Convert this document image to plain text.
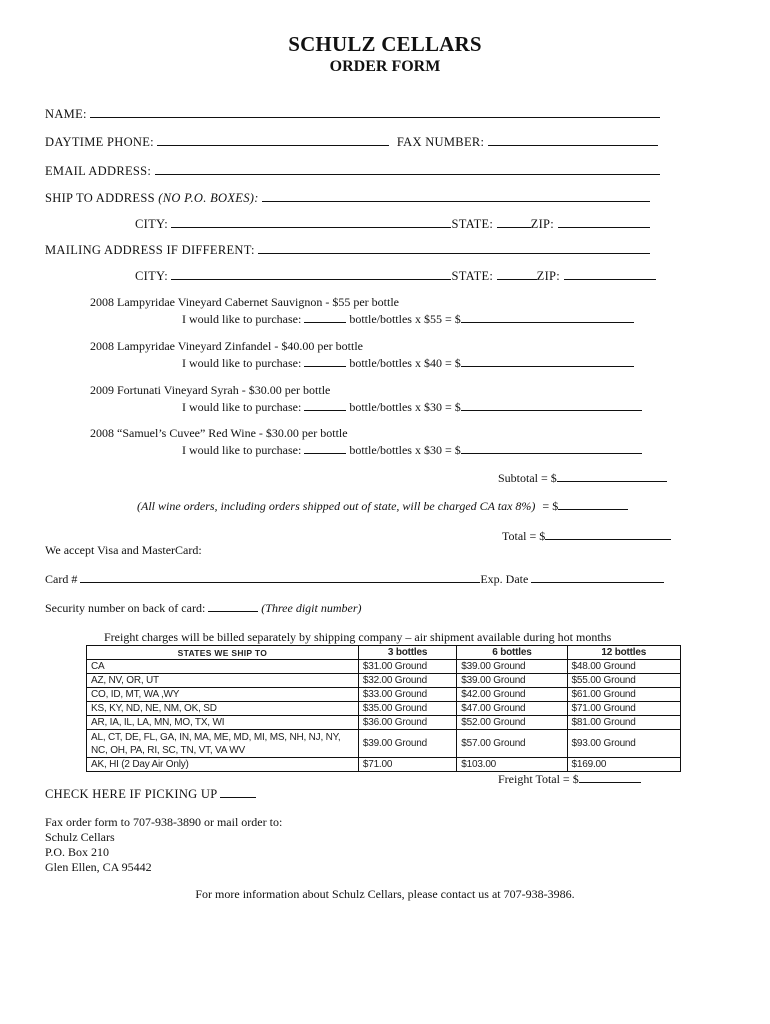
SCHULZ CELLARS
ORDER FORM
NAME:
DAYTIME PHONE:	FAX NUMBER:
EMAIL ADDRESS:
SHIP TO ADDRESS (NO P.O. BOXES):
CITY:	STATE:	ZIP:
MAILING ADDRESS IF DIFFERENT:
CITY:	STATE:	ZIP:
2008 Lampyridae Vineyard Cabernet Sauvignon - $55 per bottle
I would like to purchase:	bottle/bottles x $55 = $
2008 Lampyridae Vineyard Zinfandel - $40.00 per bottle
I would like to purchase:	bottle/bottles x $40 = $
2009 Fortunati Vineyard Syrah - $30.00 per bottle
I would like to purchase:	bottle/bottles x $30 = $
2008 “Samuel’s Cuvee” Red Wine - $30.00 per bottle
I would like to purchase:	bottle/bottles x $30 = $
Subtotal = $
(All wine orders, including orders shipped out of state, will be charged CA tax 8%) = $
Total = $
We accept Visa and MasterCard:
Card #	Exp. Date
Security number on back of card:	(Three digit number)
Freight charges will be billed separately by shipping company – air shipment available during hot months
STATES WE SHIP TO	3 bottles	6 bottles	12 bottles
CA	$31.00 Ground	$39.00 Ground	$48.00 Ground
AZ, NV, OR, UT	$32.00 Ground	$39.00 Ground	$55.00 Ground
CO, ID, MT, WA ,WY	$33.00 Ground	$42.00 Ground	$61.00 Ground
KS, KY, ND, NE, NM, OK, SD	$35.00 Ground	$47.00 Ground	$71.00 Ground
AR, IA, IL, LA, MN, MO, TX, WI	$36.00 Ground	$52.00 Ground	$81.00 Ground
AL, CT, DE, FL, GA, IN, MA, ME, MD, MI, MS, NH, NJ, NY, NC, OH, PA, RI, SC, TN, VT, VA WV	$39.00 Ground	$57.00 Ground	$93.00 Ground
AK, HI (2 Day Air Only)	$71.00	$103.00	$169.00
Freight Total = $
CHECK HERE IF PICKING UP
Fax order form to 707-938-3890 or mail order to:
Schulz Cellars
P.O. Box 210
Glen Ellen, CA 95442
For more information about Schulz Cellars, please contact us at 707-938-3986.
